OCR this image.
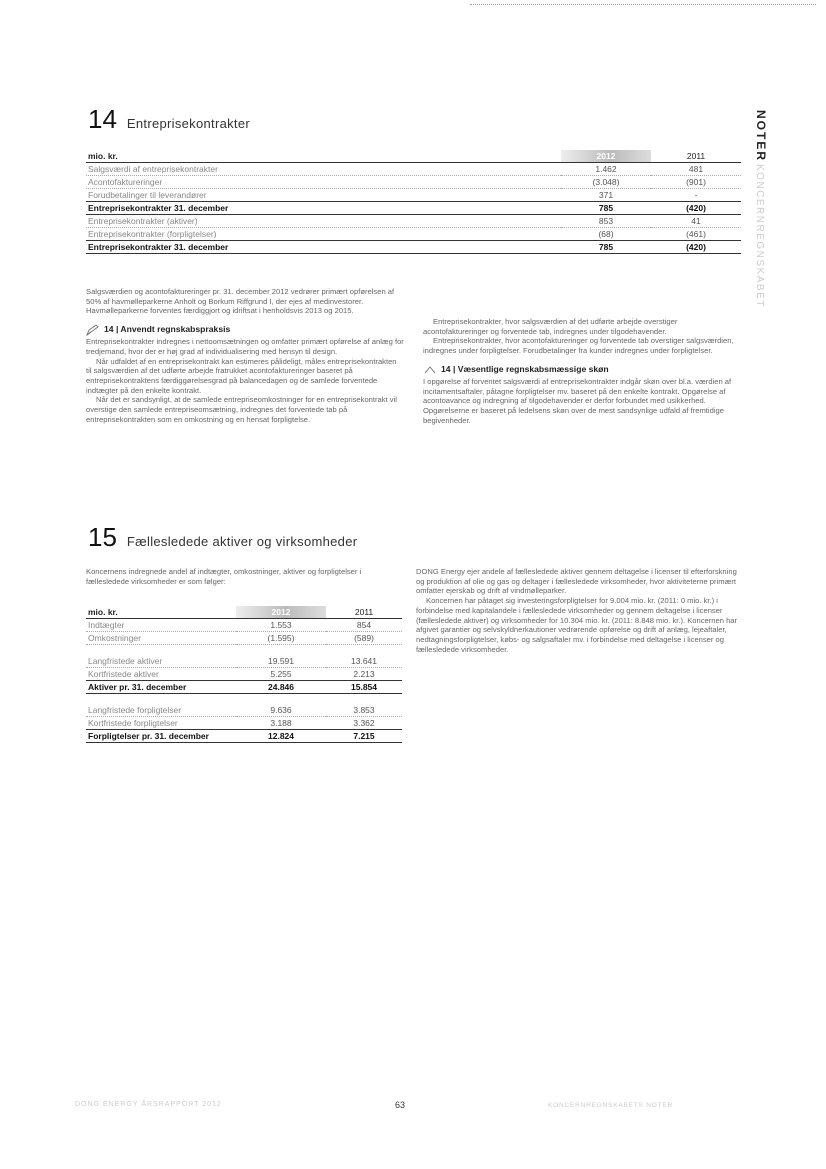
14 Entreprisekontrakter
mio. kr.	2012	2011
Salgsværdi af entreprisekontrakter	1.462	481
Acontofaktureringer	(3.048)	(901)
Forudbetalinger til leverandører	371	-
Entreprisekontrakter 31. december	785	(420)
Entreprisekontrakter (aktiver)	853	41
Entreprisekontrakter (forpligtelser)	(68)	(461)
Entreprisekontrakter 31. december	785	(420)

Salgsværdien og acontofaktureringer pr. 31. december 2012 vedrører primært opførelsen af 50% af havmølleparkerne Anholt og Borkum Riffgrund I, der ejes af medinvestorer. Havmølleparkerne forventes færdiggjort og idriftsat i henholdsvis 2013 og 2015.

14 | Anvendt regnskabspraksis

Entreprisekontrakter indregnes i nettoomsætningen og omfatter primært opførelse af anlæg for tredjemand, hvor der er høj grad af individualisering med hensyn til design.

Når udfaldet af en entreprisekontrakt kan estimeres pålideligt, måles entreprisekontrakten til salgsværdien af det udførte arbejde fratrukket acontofaktureringer baseret på entreprisekontraktens færdiggørelsesgrad på balancedagen og de samlede forventede indtægter på den enkelte kontrakt.

Når det er sandsynligt, at de samlede entrepriseomkostninger for en entreprisekontrakt vil overstige den samlede entrepriseomsætning, indregnes det forventede tab på entreprisekontrakten som en omkostning og en hensat forpligtelse.

Entreprisekontrakter, hvor salgsværdien af det udførte arbejde overstiger acontofaktureringer og forventede tab, indregnes under tilgodehavender.

Entreprisekontrakter, hvor acontofaktureringer og forventede tab overstiger salgsværdien, indregnes under forpligtelser. Forudbetalinger fra kunder indregnes under forpligtelser.

14 | Væsentlige regnskabsmæssige skøn

I opgørelse af forventet salgsværdi af entreprisekontrakter indgår skøn over bl.a. værdien af incitamentsaftaler, påtagne forpligtelser mv. baseret på den enkelte kontrakt. Opgørelse af acontoavance og indregning af tilgodehavender er derfor forbundet med usikkerhed. Opgørelserne er baseret på ledelsens skøn over de mest sandsynlige udfald af fremtidige begivenheder.

15 Fællesledede aktiver og virksomheder

Koncernens indregnede andel af indtægter, omkostninger, aktiver og forpligtelser i fællesledede virksomheder er som følger:

mio. kr.	2012	2011
Indtægter	1.553	854
Omkostninger	(1.595)	(589)

Langfristede aktiver	19.591	13.641
Kortfristede aktiver	5.255	2.213
Aktiver pr. 31. december	24.846	15.854

Langfristede forpligtelser	9.636	3.853
Kortfristede forpligtelser	3.188	3.362
Forpligtelser pr. 31. december	12.824	7.215

DONG Energy ejer andele af fællesledede aktiver gennem deltagelse i licenser til efterforskning og produktion af olie og gas og deltager i fællesledede virksomheder, hvor aktiviteterne primært omfatter ejerskab og drift af vindmølleparker.

Koncernen har påtaget sig investeringsforpligtelser for 9.004 mio. kr. (2011: 0 mio. kr.) i forbindelse med kapitalandele i fællesledede virksomheder og gennem deltagelse i licenser (fællesledede aktiver) og virksomheder for 10.304 mio. kr. (2011: 8.848 mio. kr.). Koncernen har afgivet garantier og selvskyldnerkautioner vedrørende opførelse og drift af anlæg, lejeaftaler, nedtagningsforpligtelser, købs- og salgsaftaler mv. i forbindelse med deltagelse i licenser og fællesledede virksomheder.

NOTER
KONCERNREGNSKABET
DONG ENERGY ÅRSRAPPORT 2012	63	KONCERNREGNSKABETS NOTER
